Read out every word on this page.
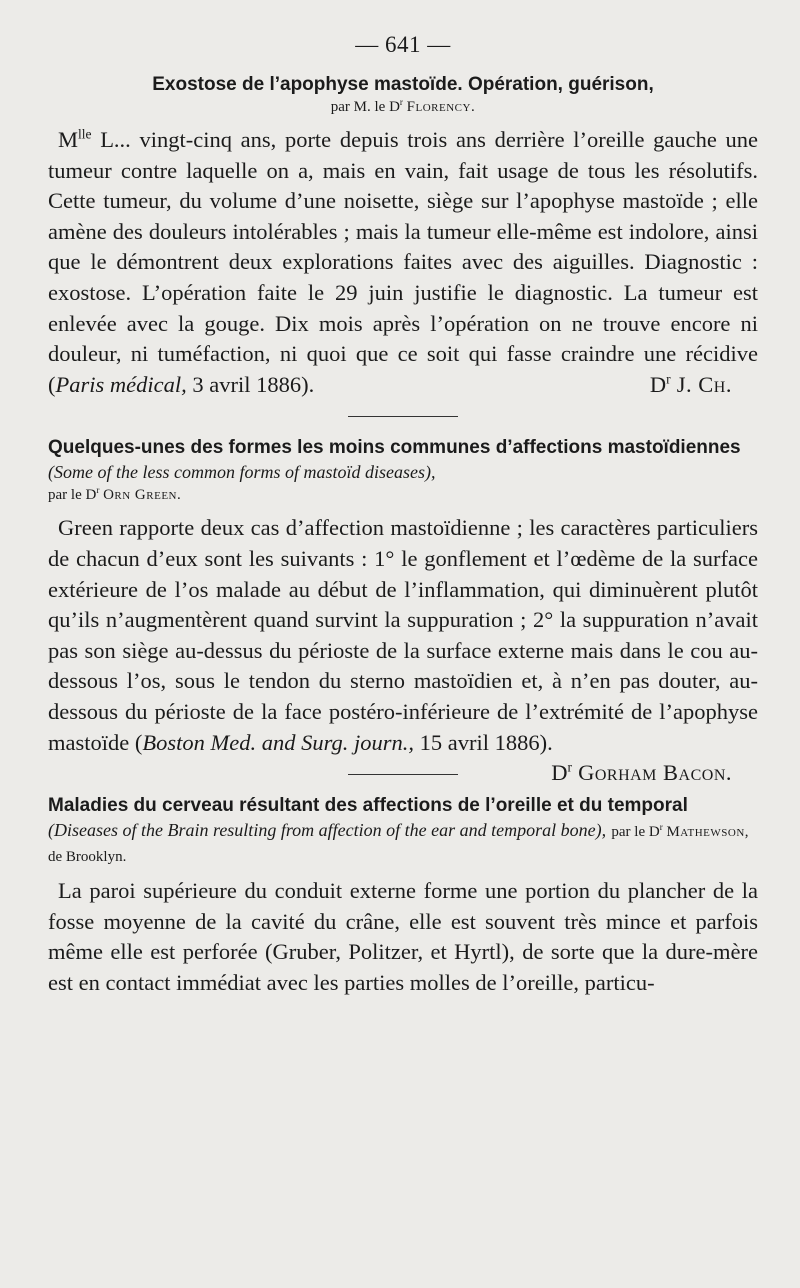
— 641 —
Exostose de l’apophyse mastoïde. Opération, guérison,

par M. le $D^r$ Florency.

$M^{lle}$ L... vingt-cinq ans, porte depuis trois ans derrière l’oreille gauche une tumeur contre laquelle on a, mais en vain, fait usage de tous les résolutifs. Cette tumeur, du volume d’une noisette, siège sur l’apophyse mastoïde ; elle amène des douleurs intolérables ; mais la tumeur elle-même est indolore, ainsi que le démontrent deux explorations faites avec des aiguilles. Diagnostic : exostose. L’opération faite le 29 juin justifie le diagnostic. La tumeur est enlevée avec la gouge. Dix mois après l’opération on ne trouve encore ni douleur, ni tuméfaction, ni quoi que ce soit qui fasse craindre une récidive (Paris médical, 3 avril 1886).	$D^r$ J. Ch.

Quelques-unes des formes les moins communes d’affections mastoïdiennes (Some of the less common forms of mastoïd diseases),

par le $D^r$ Orn Green.

Green rapporte deux cas d’affection mastoïdienne ; les caractères particuliers de chacun d’eux sont les suivants : 1° le gonflement et l’œdème de la surface extérieure de l’os malade au début de l’inflammation, qui diminuèrent plutôt qu’ils n’augmentèrent quand survint la suppuration ; 2° la suppuration n’avait pas son siège au-dessus du périoste de la surface externe mais dans le cou au-dessous l’os, sous le tendon du sterno mastoïdien et, à n’en pas douter, au-dessous du périoste de la face postéro-inférieure de l’extrémité de l’apophyse mastoïde (Boston Med. and Surg. journ., 15 avril 1886).
$D^r$ Gorham Bacon.

Maladies du cerveau résultant des affections de l’oreille et du temporal (Diseases of the Brain resulting from affection of the ear and temporal bone), par le $D^r$ Mathewson, de Brooklyn.

La paroi supérieure du conduit externe forme une portion du plancher de la fosse moyenne de la cavité du crâne, elle est souvent très mince et parfois même elle est perforée (Gruber, Politzer, et Hyrtl), de sorte que la dure-mère est en contact immédiat avec les parties molles de l’oreille, particu-
